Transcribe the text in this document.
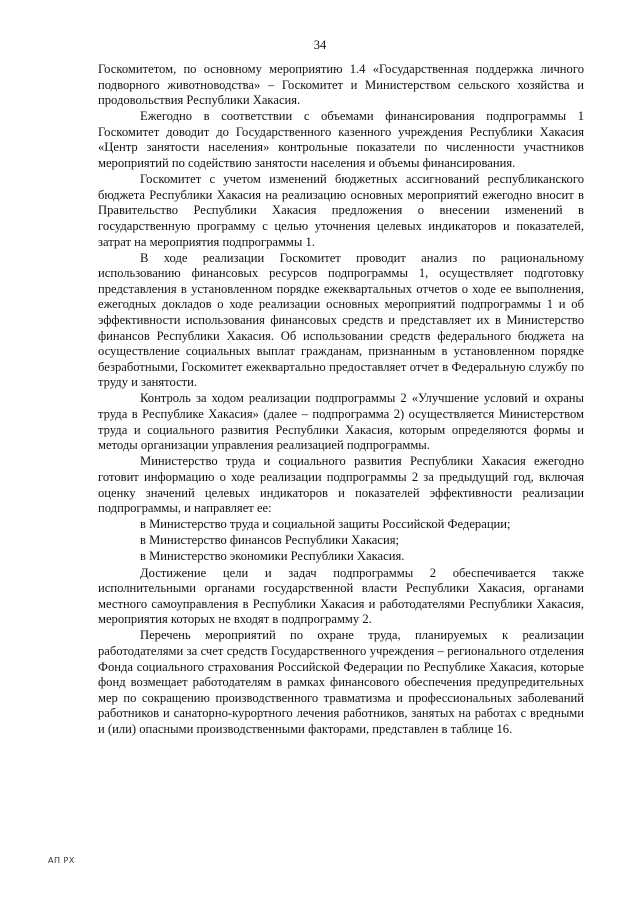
34

Госкомитетом, по основному мероприятию 1.4 «Государственная поддержка личного подворного животноводства» – Госкомитет и Министерством сельского хозяйства и продовольствия Республики Хакасия.

Ежегодно в соответствии с объемами финансирования подпрограммы 1 Госкомитет доводит до Государственного казенного учреждения Республики Хакасия «Центр занятости населения» контрольные показатели по численности участников мероприятий по содействию занятости населения и объемы финансирования.

Госкомитет с учетом изменений бюджетных ассигнований республиканского бюджета Республики Хакасия на реализацию основных мероприятий ежегодно вносит в Правительство Республики Хакасия предложения о внесении изменений в государственную программу с целью уточнения целевых индикаторов и показателей, затрат на мероприятия подпрограммы 1.

В ходе реализации Госкомитет проводит анализ по рациональному использованию финансовых ресурсов подпрограммы 1, осуществляет подготовку представления в установленном порядке ежеквартальных отчетов о ходе ее выполнения, ежегодных докладов о ходе реализации основных мероприятий подпрограммы 1 и об эффективности использования финансовых средств и представляет их в Министерство финансов Республики Хакасия. Об использовании средств федерального бюджета на осуществление социальных выплат гражданам, признанным в установленном порядке безработными, Госкомитет ежеквартально предоставляет отчет в Федеральную службу по труду и занятости.

Контроль за ходом реализации подпрограммы 2 «Улучшение условий и охраны труда в Республике Хакасия» (далее – подпрограмма 2) осуществляется Министерством труда и социального развития Республики Хакасия, которым определяются формы и методы организации управления реализацией подпрограммы.

Министерство труда и социального развития Республики Хакасия ежегодно готовит информацию о ходе реализации подпрограммы 2 за предыдущий год, включая оценку значений целевых индикаторов и показателей эффективности реализации подпрограммы, и направляет ее:

в Министерство труда и социальной защиты Российской Федерации;

в Министерство финансов Республики Хакасия;

в Министерство экономики Республики Хакасия.

Достижение цели и задач подпрограммы 2 обеспечивается также исполнительными органами государственной власти Республики Хакасия, органами местного самоуправления в Республики Хакасия и работодателями Республики Хакасия, мероприятия которых не входят в подпрограмму 2.

Перечень мероприятий по охране труда, планируемых к реализации работодателями за счет средств Государственного учреждения – регионального отделения Фонда социального страхования Российской Федерации по Республике Хакасия, которые фонд возмещает работодателям в рамках финансового обеспечения предупредительных мер по сокращению производственного травматизма и профессиональных заболеваний работников и санаторно-курортного лечения работников, занятых на работах с вредными и (или) опасными производственными факторами, представлен в таблице 16.

АП РХ
